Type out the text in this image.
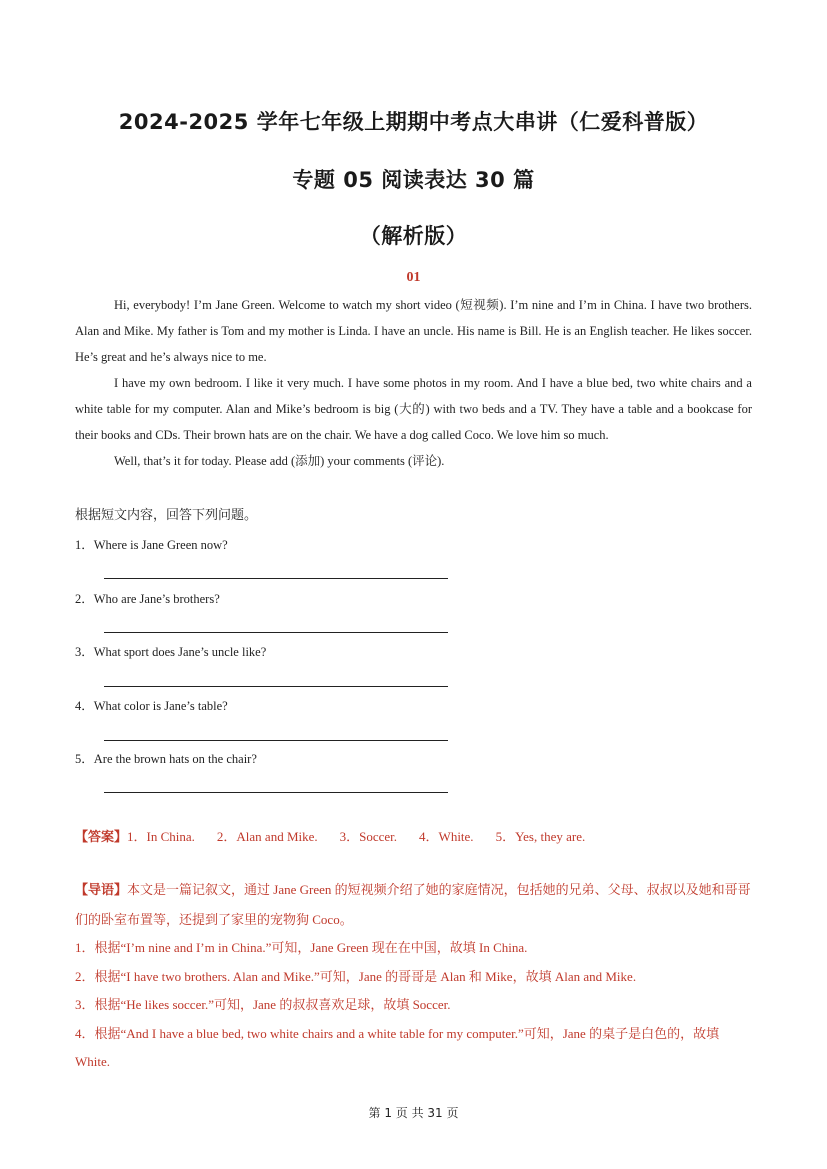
2024-2025 学年七年级上期期中考点大串讲（仁爱科普版）
专题 05 阅读表达 30 篇
（解析版）
01

Hi, everybody! I’m Jane Green. Welcome to watch my short video (短视频). I’m nine and I’m in China. I have two brothers. Alan and Mike. My father is Tom and my mother is Linda. I have an uncle. His name is Bill. He is an English teacher. He likes soccer. He’s great and he’s always nice to me.

I have my own bedroom. I like it very much. I have some photos in my room. And I have a blue bed, two white chairs and a white table for my computer. Alan and Mike’s bedroom is big (大的) with two beds and a TV. They have a table and a bookcase for their books and CDs. Their brown hats are on the chair. We have a dog called Coco. We love him so much.

Well, that’s it for today. Please add (添加) your comments (评论).

根据短文内容，回答下列问题。
1．Where is Jane Green now?
2．Who are Jane’s brothers?
3．What sport does Jane’s uncle like?
4．What color is Jane’s table?
5．Are the brown hats on the chair?
【答案】1．In China. 2．Alan and Mike. 3．Soccer. 4．White. 5．Yes, they are.

【导语】本文是一篇记叙文，通过 Jane Green 的短视频介绍了她的家庭情况，包括她的兄弟、父母、叔叔以及她和哥哥们的卧室布置等，还提到了家里的宠物狗 Coco。

1．根据“I’m nine and I’m in China.”可知，Jane Green 现在在中国，故填 In China.

2．根据“I have two brothers. Alan and Mike.”可知，Jane 的哥哥是 Alan 和 Mike，故填 Alan and Mike.

3．根据“He likes soccer.”可知，Jane 的叔叔喜欢足球，故填 Soccer.

4．根据“And I have a blue bed, two white chairs and a white table for my computer.”可知，Jane 的桌子是白色的，故填 White.

第 1 页 共 31 页
